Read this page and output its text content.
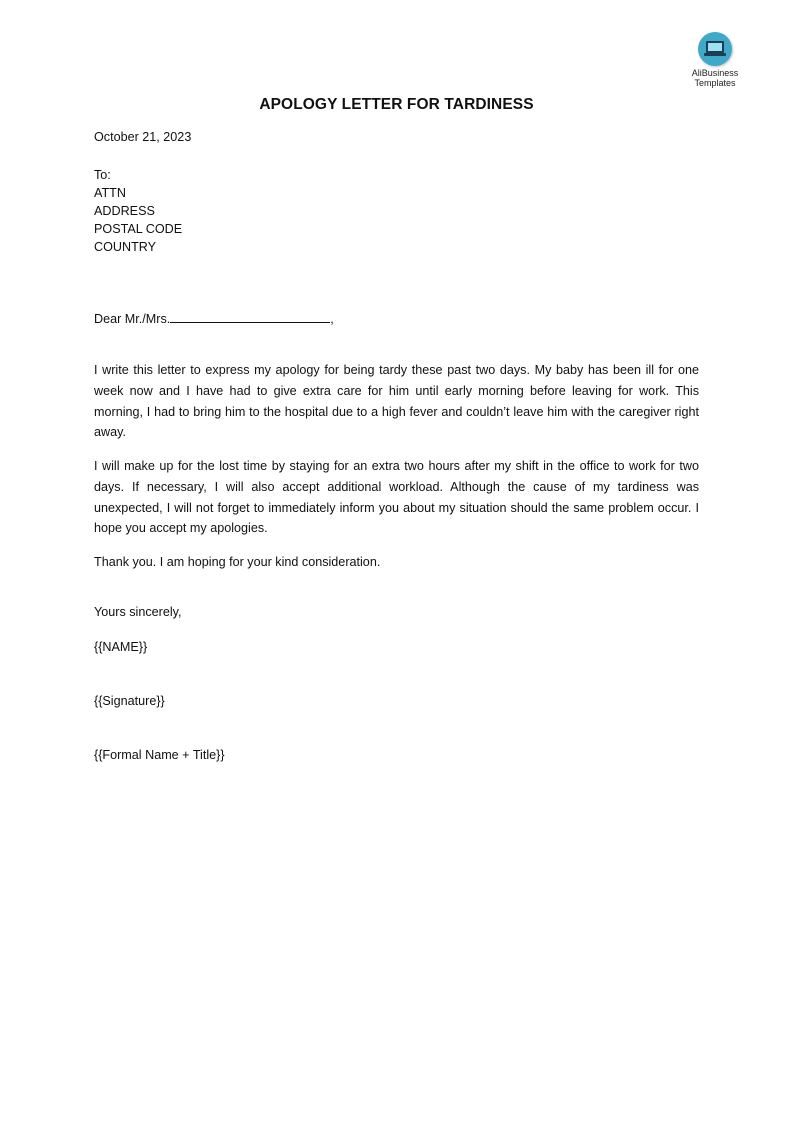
AliBusiness
Templates
APOLOGY LETTER FOR TARDINESS
October 21, 2023
To:
ATTN
ADDRESS
POSTAL CODE
COUNTRY
Dear Mr./Mrs.	,
I write this letter to express my apology for being tardy these past two days. My baby has been ill for one week now and I have had to give extra care for him until early morning before leaving for work. This morning, I had to bring him to the hospital due to a high fever and couldn’t leave him with the caregiver right away.
I will make up for the lost time by staying for an extra two hours after my shift in the office to work for two days. If necessary, I will also accept additional workload. Although the cause of my tardiness was unexpected, I will not forget to immediately inform you about my situation should the same problem occur. I hope you accept my apologies.
Thank you. I am hoping for your kind consideration.
Yours sincerely,
{{NAME}}
{{Signature}}
{{Formal Name + Title}}
